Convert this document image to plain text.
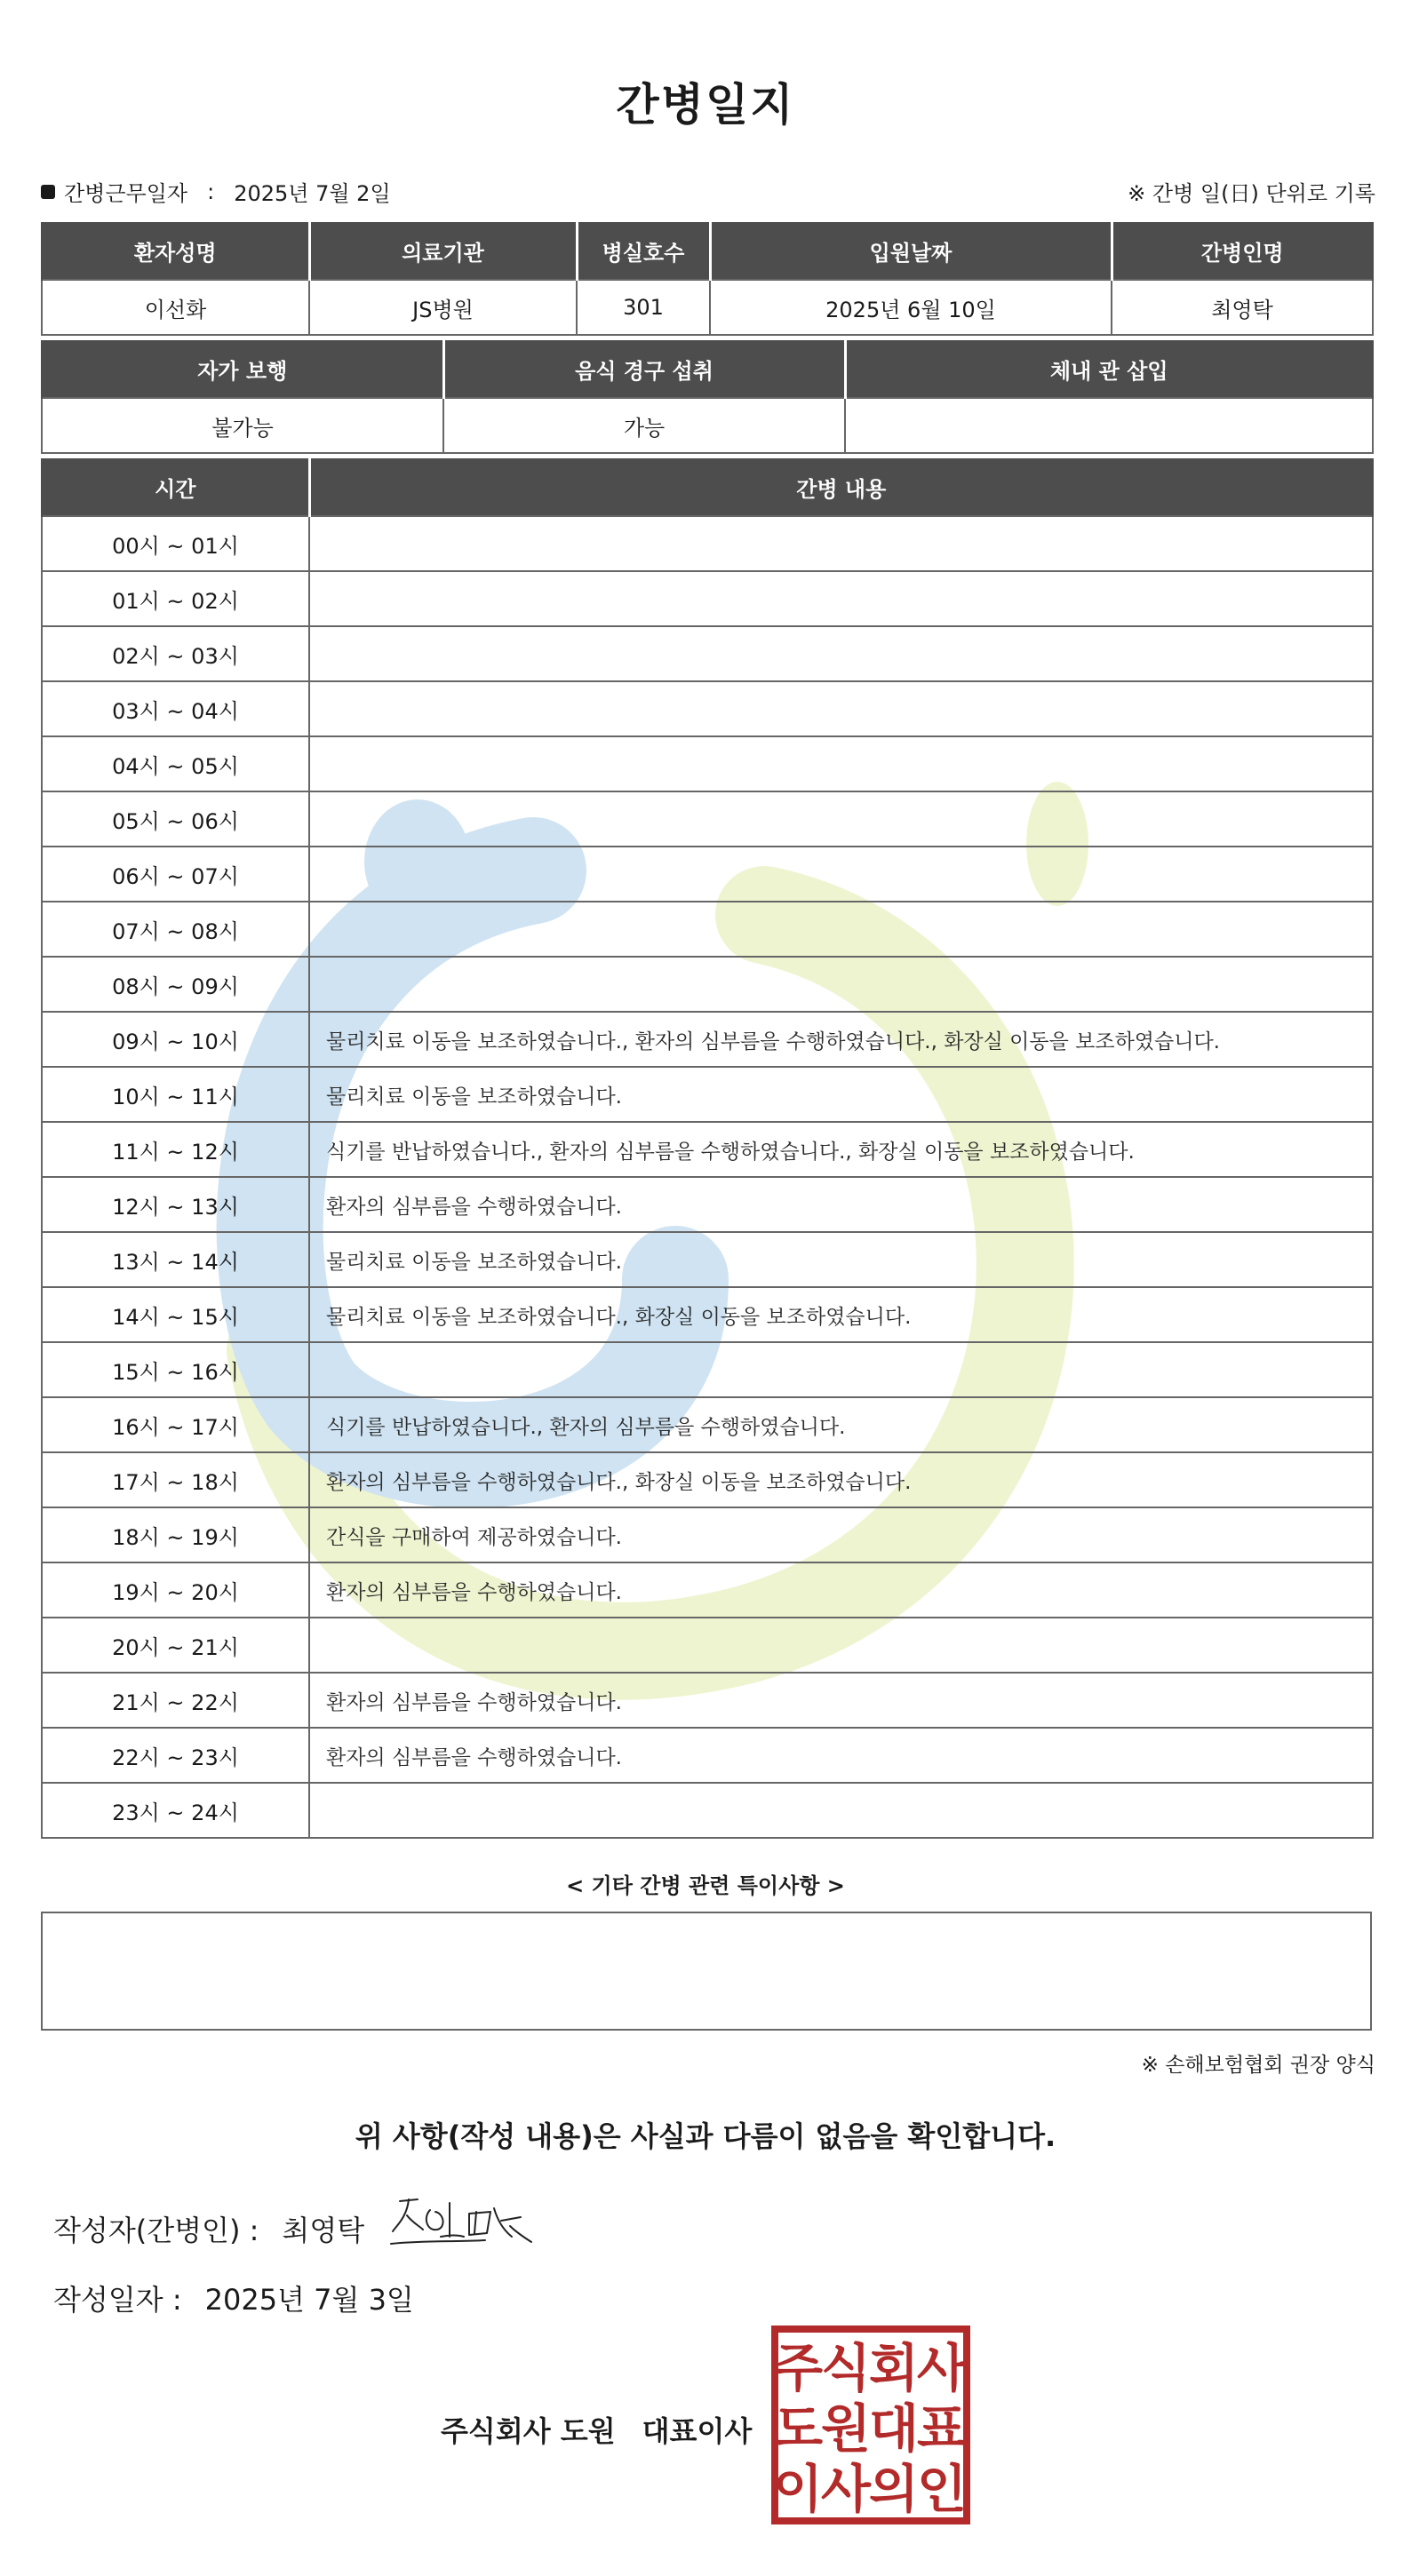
간병일지
간병근무일자 : 2025년 7월 2일	※ 간병 일(日) 단위로 기록
환자성명	의료기관	병실호수	입원날짜	간병인명
이선화	JS병원	301	2025년 6월 10일	최영탁
자가 보행	음식 경구 섭취	체내 관 삽입
불가능	가능	
시간	간병 내용
00시 ~ 01시	
01시 ~ 02시	
02시 ~ 03시	
03시 ~ 04시	
04시 ~ 05시	
05시 ~ 06시	
06시 ~ 07시	
07시 ~ 08시	
08시 ~ 09시	
09시 ~ 10시	물리치료 이동을 보조하였습니다., 환자의 심부름을 수행하였습니다., 화장실 이동을 보조하였습니다.
10시 ~ 11시	물리치료 이동을 보조하였습니다.
11시 ~ 12시	식기를 반납하였습니다., 환자의 심부름을 수행하였습니다., 화장실 이동을 보조하였습니다.
12시 ~ 13시	환자의 심부름을 수행하였습니다.
13시 ~ 14시	물리치료 이동을 보조하였습니다.
14시 ~ 15시	물리치료 이동을 보조하였습니다., 화장실 이동을 보조하였습니다.
15시 ~ 16시	
16시 ~ 17시	식기를 반납하였습니다., 환자의 심부름을 수행하였습니다.
17시 ~ 18시	환자의 심부름을 수행하였습니다., 화장실 이동을 보조하였습니다.
18시 ~ 19시	간식을 구매하여 제공하였습니다.
19시 ~ 20시	환자의 심부름을 수행하였습니다.
20시 ~ 21시	
21시 ~ 22시	환자의 심부름을 수행하였습니다.
22시 ~ 23시	환자의 심부름을 수행하였습니다.
23시 ~ 24시	
< 기타 간병 관련 특이사항 >
※ 손해보험협회 권장 양식
위 사항(작성 내용)은 사실과 다름이 없음을 확인합니다.
작성자(간병인) : 최영탁
작성일자 : 2025년 7월 3일
주식회사 도원 대표이사
주
식
회
사
도
원
대
표
이
사
의
인
